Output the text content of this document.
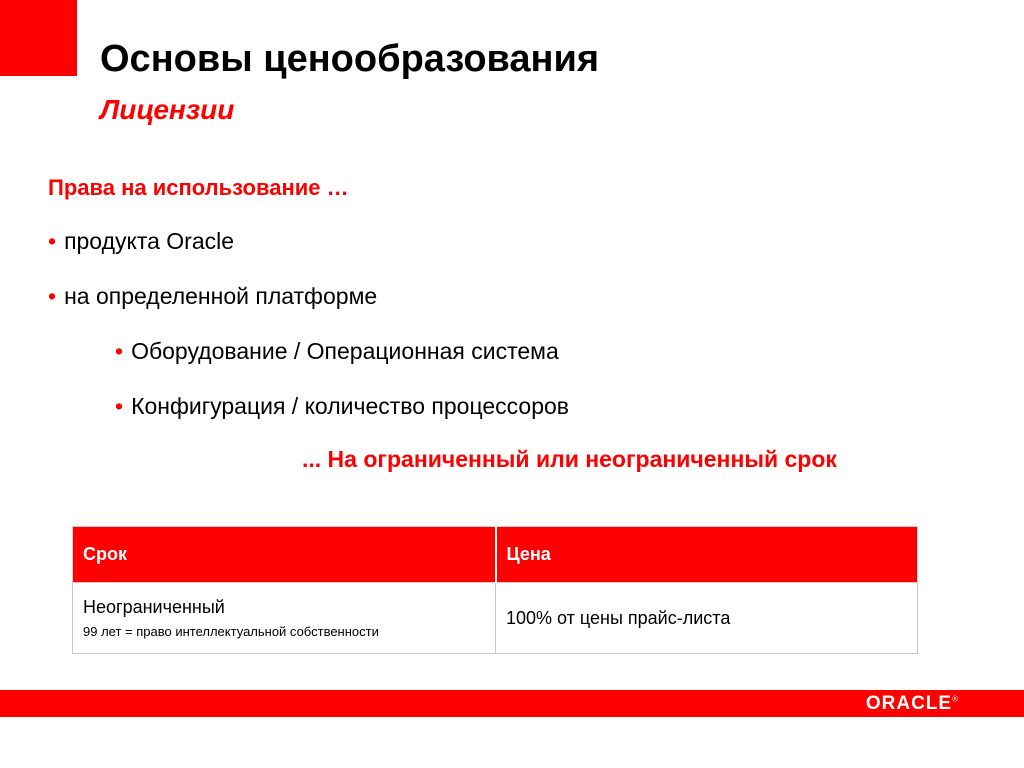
Основы ценообразования
Лицензии

Права на использование …

• продукта Oracle
• на определенной платформе
• Оборудование / Операционная система
• Конфигурация / количество процессоров
... На ограниченный или неограниченный срок
Срок	Цена

Неограниченный
99 лет = право интеллектуальной собственности	100% от цены прайс-листа
ORACLE®
